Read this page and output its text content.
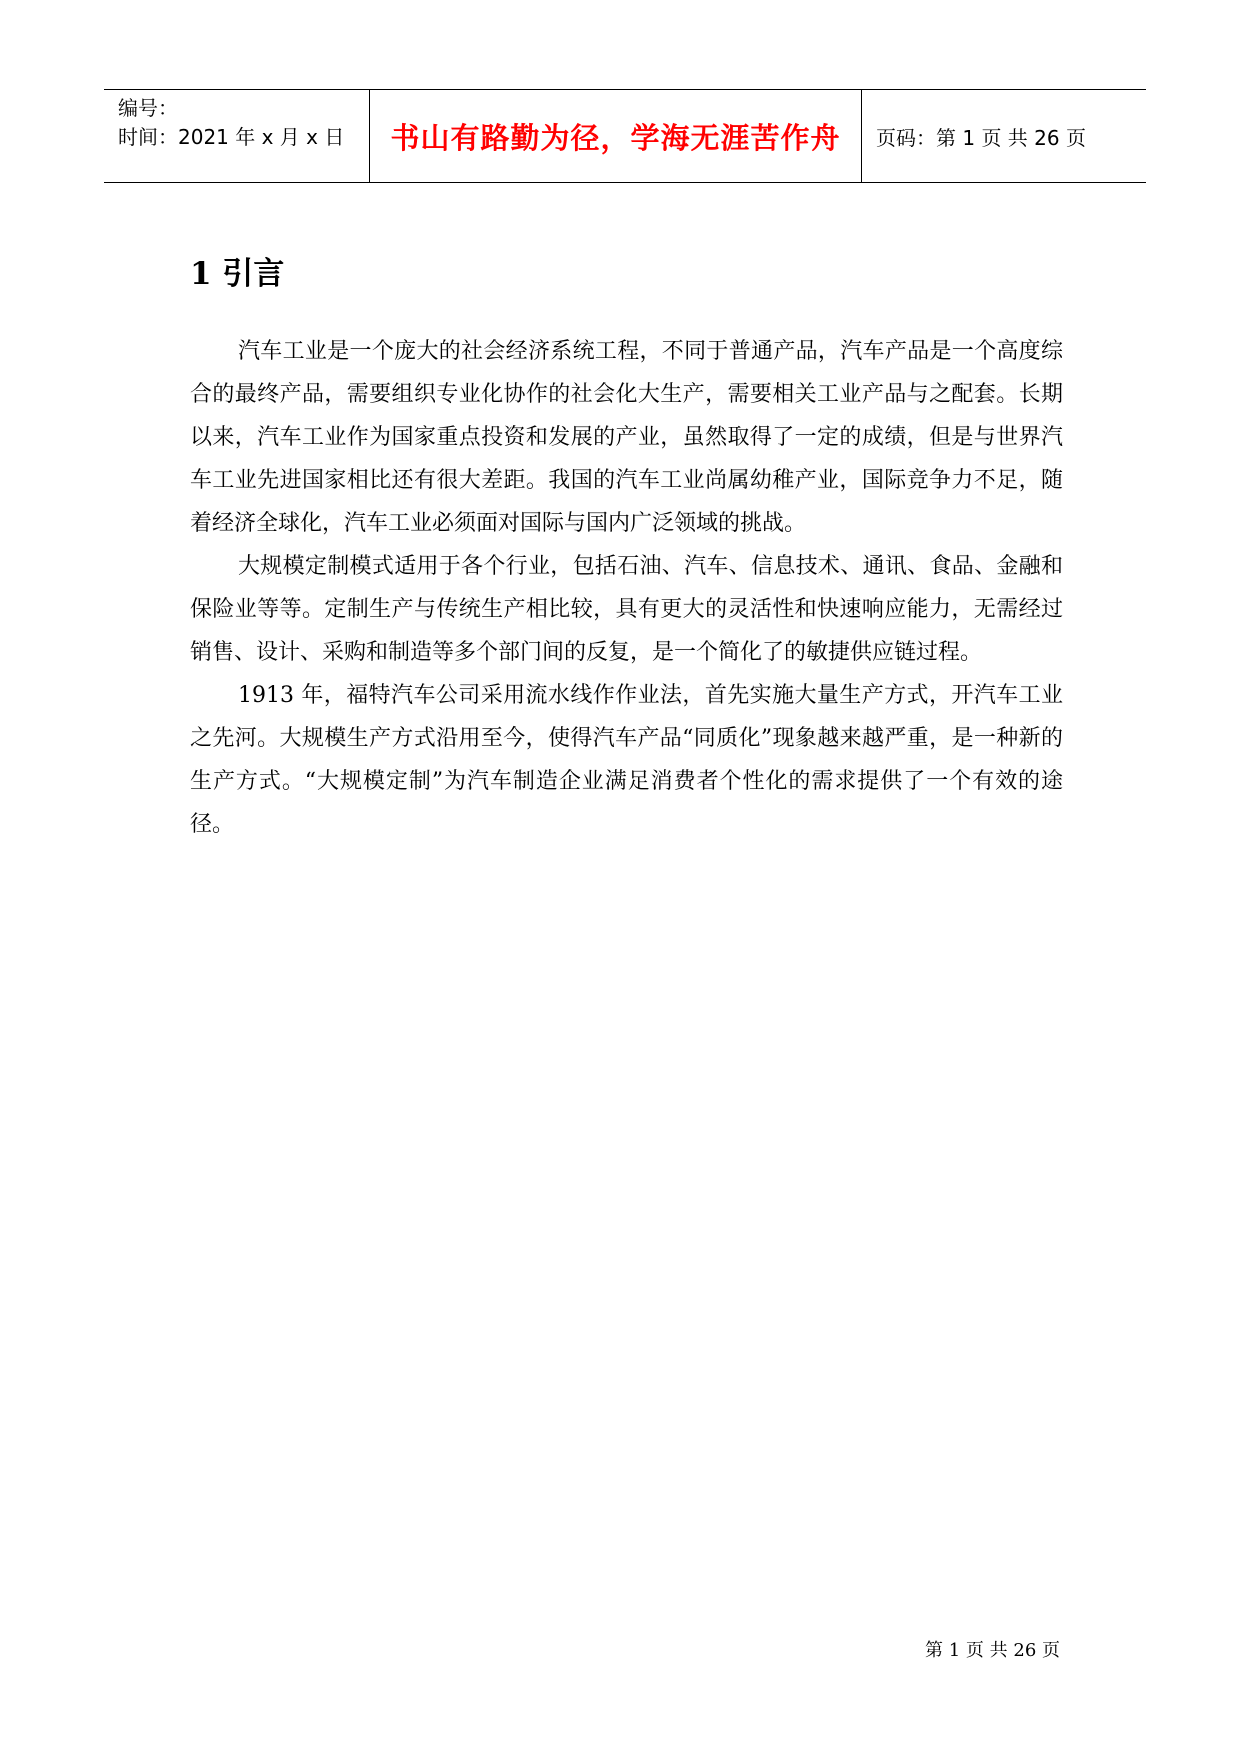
编号：
时间：2021 年 x 月 x 日	书山有路勤为径，学海无涯苦作舟	页码：第 1 页 共 26 页
1 引言

汽车工业是一个庞大的社会经济系统工程，不同于普通产品，汽车产品是一个高度综合的最终产品，需要组织专业化协作的社会化大生产，需要相关工业产品与之配套。长期以来，汽车工业作为国家重点投资和发展的产业，虽然取得了一定的成绩，但是与世界汽车工业先进国家相比还有很大差距。我国的汽车工业尚属幼稚产业，国际竞争力不足，随着经济全球化，汽车工业必须面对国际与国内广泛领域的挑战。

大规模定制模式适用于各个行业，包括石油、汽车、信息技术、通讯、食品、金融和保险业等等。定制生产与传统生产相比较，具有更大的灵活性和快速响应能力，无需经过销售、设计、采购和制造等多个部门间的反复，是一个简化了的敏捷供应链过程。

1913 年，福特汽车公司采用流水线作作业法，首先实施大量生产方式，开汽车工业之先河。大规模生产方式沿用至今，使得汽车产品“同质化”现象越来越严重，是一种新的生产方式。“大规模定制”为汽车制造企业满足消费者个性化的需求提供了一个有效的途径。

第 1 页 共 26 页
